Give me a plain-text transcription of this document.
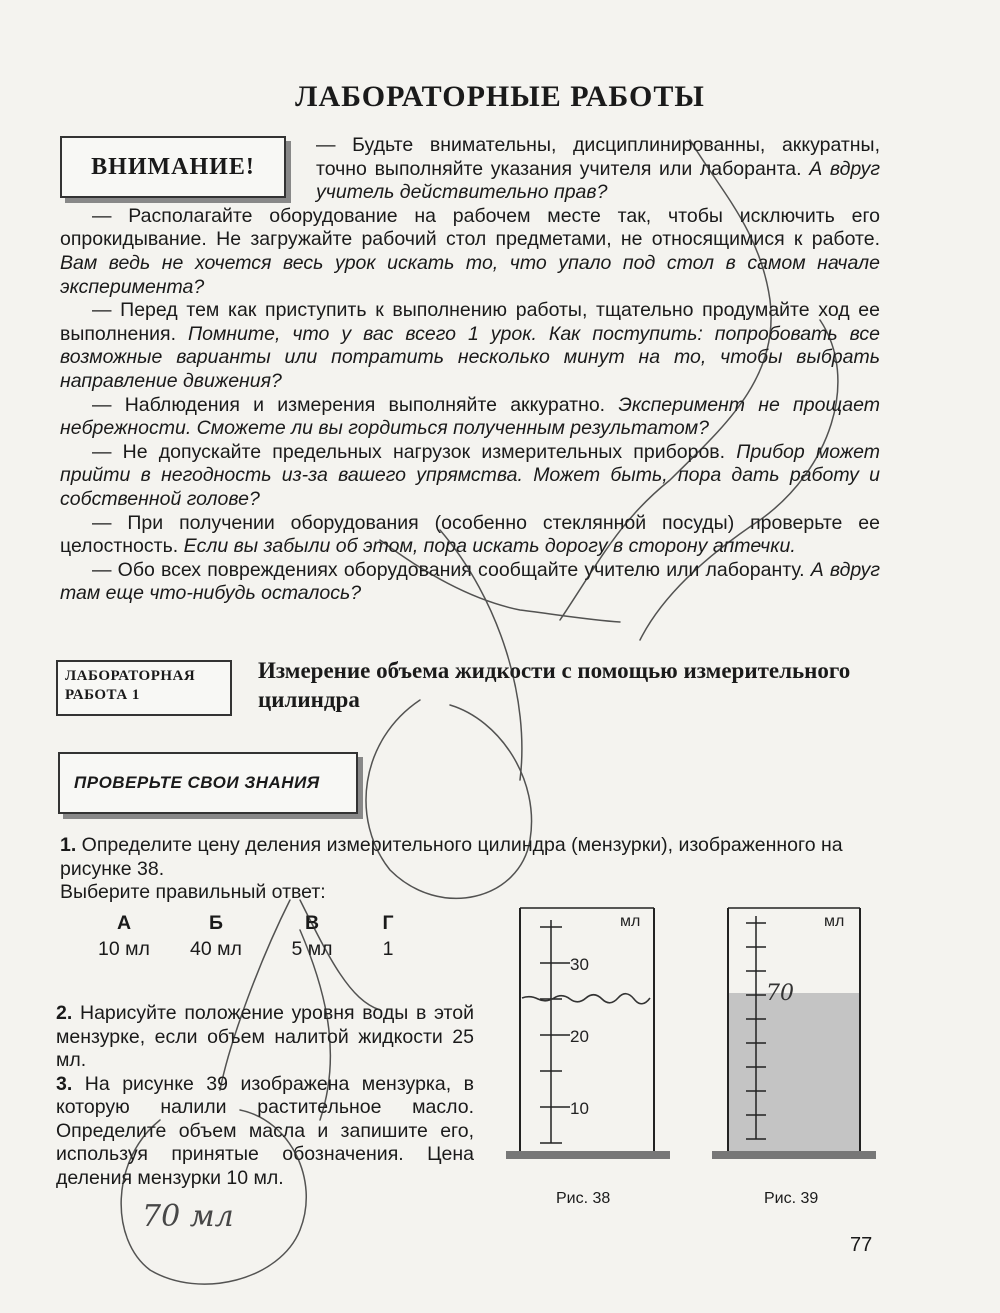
ЛАБОРАТОРНЫЕ РАБОТЫ
ВНИМАНИЕ!

— Будьте внимательны, дисциплинированны, аккуратны, точно выполняйте указания учителя или лаборанта. А вдруг учитель действительно прав?

— Располагайте оборудование на рабочем месте так, чтобы исключить его опрокидывание. Не загружайте рабочий стол предметами, не относящимися к работе. Вам ведь не хочется весь урок искать то, что упало под стол в самом начале эксперимента?

— Перед тем как приступить к выполнению работы, тщательно продумайте ход ее выполнения. Помните, что у вас всего 1 урок. Как поступить: попробовать все возможные варианты или потратить несколько минут на то, чтобы выбрать направление движения?

— Наблюдения и измерения выполняйте аккуратно. Эксперимент не прощает небрежности. Сможете ли вы гордиться полученным результатом?

— Не допускайте предельных нагрузок измерительных приборов. Прибор может прийти в негодность из-за вашего упрямства. Может быть, пора дать работу и собственной голове?

— При получении оборудования (особенно стеклянной посуды) проверьте ее целостность. Если вы забыли об этом, пора искать дорогу в сторону аптечки.

— Обо всех повреждениях оборудования сообщайте учителю или лаборанту. А вдруг там еще что-нибудь осталось?

ЛАБОРАТОРНАЯ
РАБОТА 1
Измерение объема жидкости с помощью измерительного цилиндра
ПРОВЕРЬТЕ СВОИ ЗНАНИЯ
1. Определите цену деления измерительного цилиндра (мензурки), изображенного на рисунке 38.
Выберите правильный ответ:
А
10 мл
Б
40 мл
В
5 мл
Г
1

2. Нарисуйте положение уровня воды в этой мензурке, если объем налитой жидкости 25 мл.

3. На рисунке 39 изображена мензурка, в которую налили растительное масло. Определите объем масла и запишите его, используя принятые обозначения. Цена деления мензурки 10 мл.

мл
30
20
10
Рис. 38
мл
70
Рис. 39
77
70 мл
